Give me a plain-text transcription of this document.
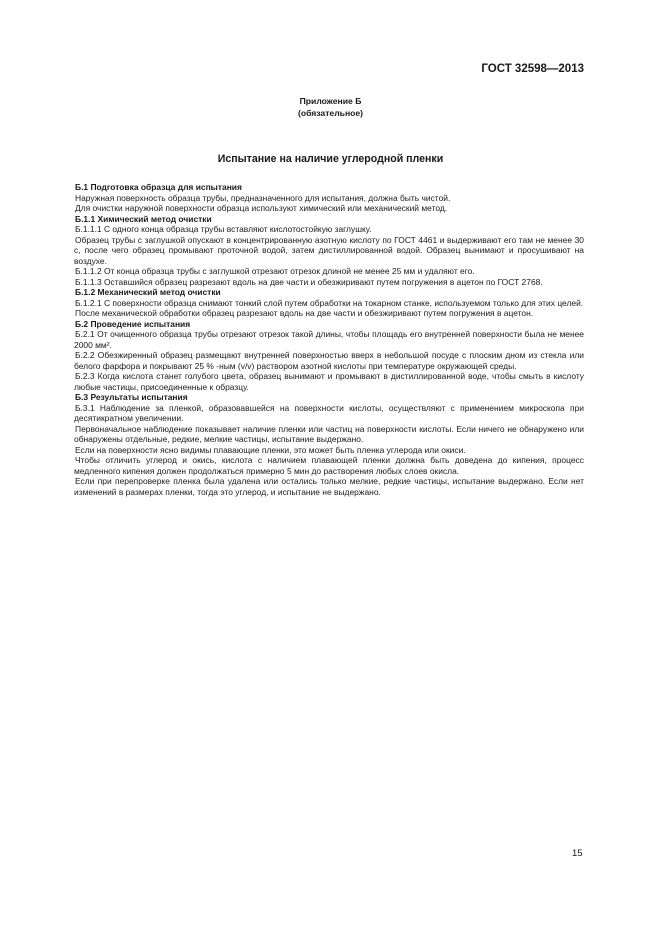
ГОСТ 32598—2013
Приложение Б
(обязательное)
Испытание на наличие углеродной пленки

Б.1 Подготовка образца для испытания

Наружная поверхность образца трубы, предназначенного для испытания, должна быть чистой.

Для очистки наружной поверхности образца используют химический или механический метод.

Б.1.1 Химический метод очистки

Б.1.1.1 С одного конца образца трубы вставляют кислотостойкую заглушку.

Образец трубы с заглушкой опускают в концентрированную азотную кислоту по ГОСТ 4461 и выдерживают его там не менее 30 с, после чего образец промывают проточной водой, затем дистиллированной водой. Образец вынимают и просушивают на воздухе.

Б.1.1.2 От конца образца трубы с заглушкой отрезают отрезок длиной не менее 25 мм и удаляют его.

Б.1.1.3 Оставшийся образец разрезают вдоль на две части и обезжиривают путем погружения в ацетон по ГОСТ 2768.

Б.1.2 Механический метод очистки

Б.1.2.1 С поверхности образца снимают тонкий слой путем обработки на токарном станке, используемом только для этих целей.

После механической обработки образец разрезают вдоль на две части и обезжиривают путем погружения в ацетон.

Б.2 Проведение испытания

Б.2.1 От очищенного образца трубы отрезают отрезок такой длины, чтобы площадь его внутренней поверхности была не менее 2000 мм².

Б.2.2 Обезжиренный образец размещают внутренней поверхностью вверх в небольшой посуде с плоским дном из стекла или белого фарфора и покрывают 25 % -ным (v/v) раствором азотной кислоты при температуре окружающей среды.

Б.2.3 Когда кислота станет голубого цвета, образец вынимают и промывают в дистиллированной воде, чтобы смыть в кислоту любые частицы, присоединенные к образцу.

Б.3 Результаты испытания

Б.3.1 Наблюдение за пленкой, образовавшейся на поверхности кислоты, осуществляют с применением микроскопа при десятикратном увеличении.

Первоначальное наблюдение показывает наличие пленки или частиц на поверхности кислоты. Если ничего не обнаружено или обнаружены отдельные, редкие, мелкие частицы, испытание выдержано.

Если на поверхности ясно видимы плавающие пленки, это может быть пленка углерода или окиси.

Чтобы отличить углерод и окись, кислота с наличием плавающей пленки должна быть доведена до кипения, процесс медленного кипения должен продолжаться примерно 5 мин до растворения любых слоев окисла.

Если при перепроверке пленка была удалена или остались только мелкие, редкие частицы, испытание выдержано. Если нет изменений в размерах пленки, тогда это углерод, и испытание не выдержано.

15
